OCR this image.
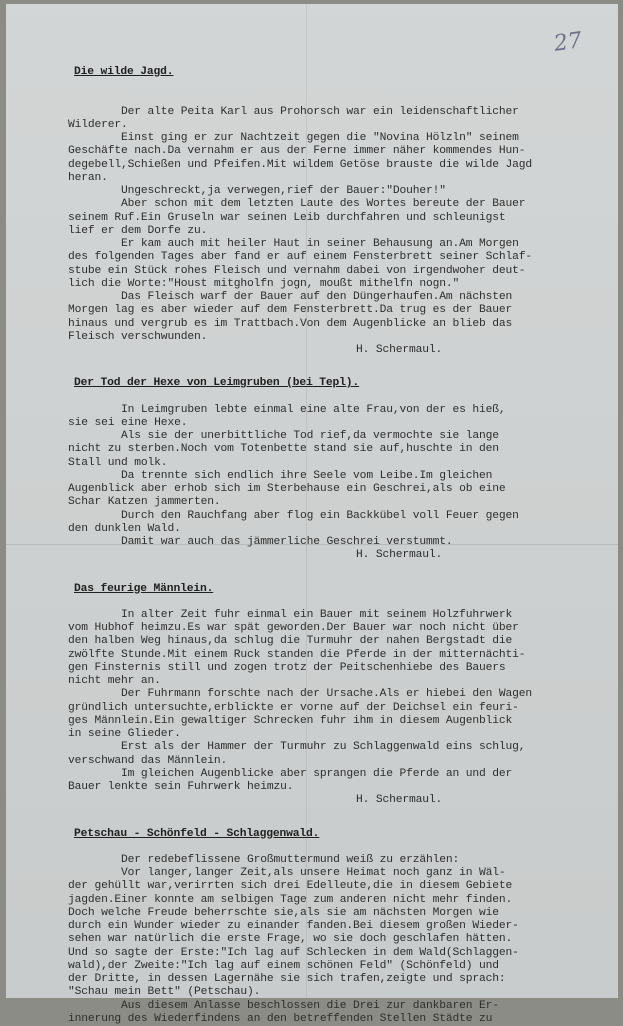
27
Die wilde Jagd.
Der alte Peita Karl aus Prohorsch war ein leidenschaftlicher
Wilderer.
Einst ging er zur Nachtzeit gegen die "Novina Hölzln" seinem
Geschäfte nach.Da vernahm er aus der Ferne immer näher kommendes Hun-
degebell,Schießen und Pfeifen.Mit wildem Getöse brauste die wilde Jagd
heran.
Ungeschreckt,ja verwegen,rief der Bauer:"Douher!"
Aber schon mit dem letzten Laute des Wortes bereute der Bauer
seinem Ruf.Ein Gruseln war seinen Leib durchfahren und schleunigst
lief er dem Dorfe zu.
Er kam auch mit heiler Haut in seiner Behausung an.Am Morgen
des folgenden Tages aber fand er auf einem Fensterbrett seiner Schlaf-
stube ein Stück rohes Fleisch und vernahm dabei von irgendwoher deut-
lich die Worte:"Houst mitgholfn jogn, moußt mithelfn nogn."
Das Fleisch warf der Bauer auf den Düngerhaufen.Am nächsten
Morgen lag es aber wieder auf dem Fensterbrett.Da trug es der Bauer
hinaus und vergrub es im Trattbach.Von dem Augenblicke an blieb das
Fleisch verschwunden.
H. Schermaul.
Der Tod der Hexe von Leimgruben (bei Tepl).
In Leimgruben lebte einmal eine alte Frau,von der es hieß,
sie sei eine Hexe.
Als sie der unerbittliche Tod rief,da vermochte sie lange
nicht zu sterben.Noch vom Totenbette stand sie auf,huschte in den
Stall und molk.
Da trennte sich endlich ihre Seele vom Leibe.Im gleichen
Augenblick aber erhob sich im Sterbehause ein Geschrei,als ob eine
Schar Katzen jammerten.
Durch den Rauchfang aber flog ein Backkübel voll Feuer gegen
den dunklen Wald.
Damit war auch das jämmerliche Geschrei verstummt.
H. Schermaul.
Das feurige Männlein.
In alter Zeit fuhr einmal ein Bauer mit seinem Holzfuhrwerk
vom Hubhof heimzu.Es war spät geworden.Der Bauer war noch nicht über
den halben Weg hinaus,da schlug die Turmuhr der nahen Bergstadt die
zwölfte Stunde.Mit einem Ruck standen die Pferde in der mitternächti-
gen Finsternis still und zogen trotz der Peitschenhiebe des Bauers
nicht mehr an.
Der Fuhrmann forschte nach der Ursache.Als er hiebei den Wagen
gründlich untersuchte,erblickte er vorne auf der Deichsel ein feuri-
ges Männlein.Ein gewaltiger Schrecken fuhr ihm in diesem Augenblick
in seine Glieder.
Erst als der Hammer der Turmuhr zu Schlaggenwald eins schlug,
verschwand das Männlein.
Im gleichen Augenblicke aber sprangen die Pferde an und der
Bauer lenkte sein Fuhrwerk heimzu.
H. Schermaul.
Petschau - Schönfeld - Schlaggenwald.
Der redebeflissene Großmuttermund weiß zu erzählen:
Vor langer,langer Zeit,als unsere Heimat noch ganz in Wäl-
der gehüllt war,verirrten sich drei Edelleute,die in diesem Gebiete
jagden.Einer konnte am selbigen Tage zum anderen nicht mehr finden.
Doch welche Freude beherrschte sie,als sie am nächsten Morgen wie
durch ein Wunder wieder zu einander fanden.Bei diesem großen Wieder-
sehen war natürlich die erste Frage, wo sie doch geschlafen hätten.
Und so sagte der Erste:"Ich lag auf Schlecken in dem Wald(Schlaggen-
wald),der Zweite:"Ich lag auf einem schönen Feld" (Schönfeld) und
der Dritte, in dessen Lagernähe sie sich trafen,zeigte und sprach:
"Schau mein Bett" (Petschau).
Aus diesem Anlasse beschlossen die Drei zur dankbaren Er-
innerung des Wiederfindens an den betreffenden Stellen Städte zu
